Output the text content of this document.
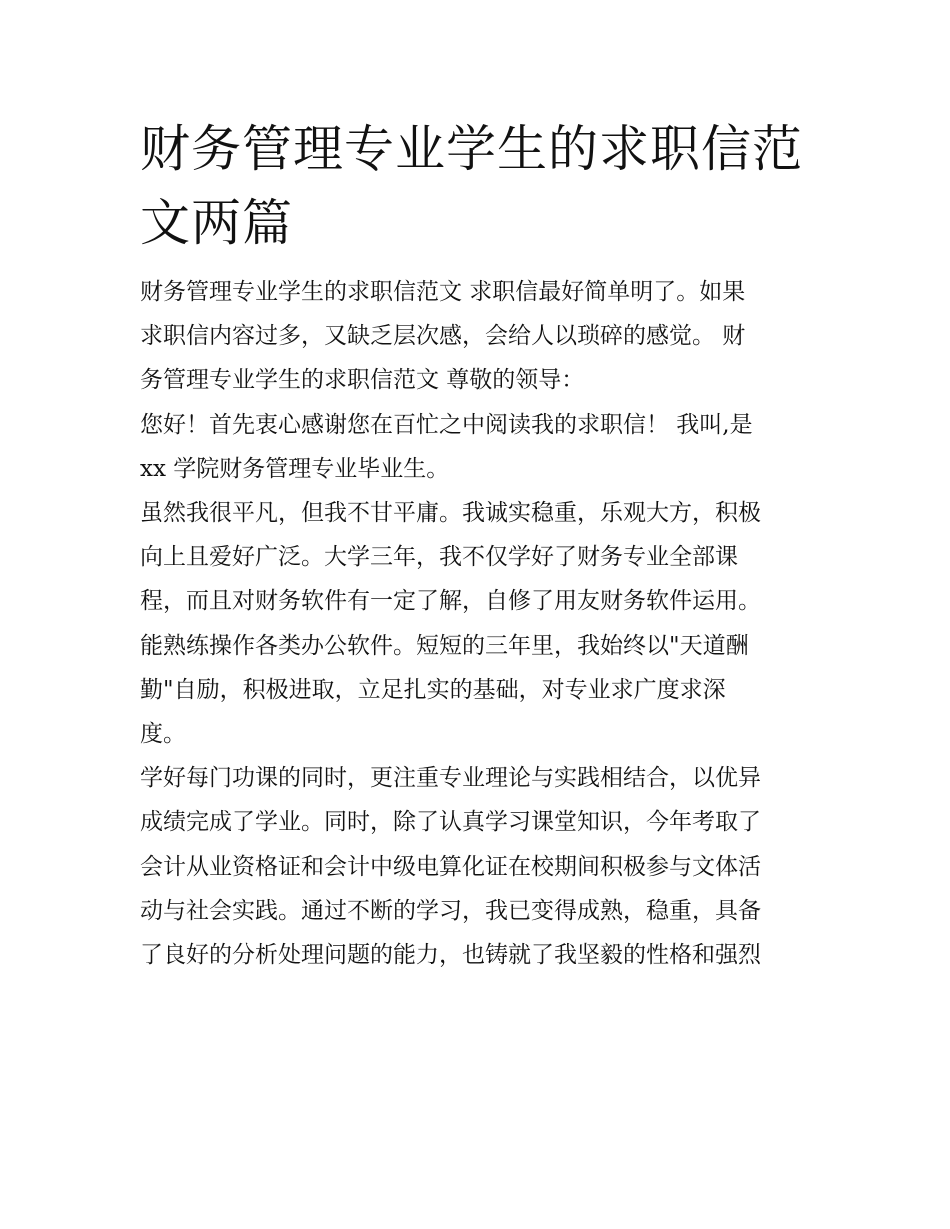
财务管理专业学生的求职信范
文两篇

财务管理专业学生的求职信范文 求职信最好简单明了。如果
求职信内容过多，又缺乏层次感，会给人以琐碎的感觉。 财
务管理专业学生的求职信范文 尊敬的领导：

您好！首先衷心感谢您在百忙之中阅读我的求职信！ 我叫,是
xx 学院财务管理专业毕业生。

虽然我很平凡，但我不甘平庸。我诚实稳重，乐观大方，积极
向上且爱好广泛。大学三年，我不仅学好了财务专业全部课
程，而且对财务软件有一定了解，自修了用友财务软件运用。
能熟练操作各类办公软件。短短的三年里，我始终以"天道酬
勤"自励，积极进取，立足扎实的基础，对专业求广度求深
度。

学好每门功课的同时，更注重专业理论与实践相结合，以优异
成绩完成了学业。同时，除了认真学习课堂知识，今年考取了
会计从业资格证和会计中级电算化证在校期间积极参与文体活
动与社会实践。通过不断的学习，我已变得成熟，稳重，具备
了良好的分析处理问题的能力，也铸就了我坚毅的性格和强烈
